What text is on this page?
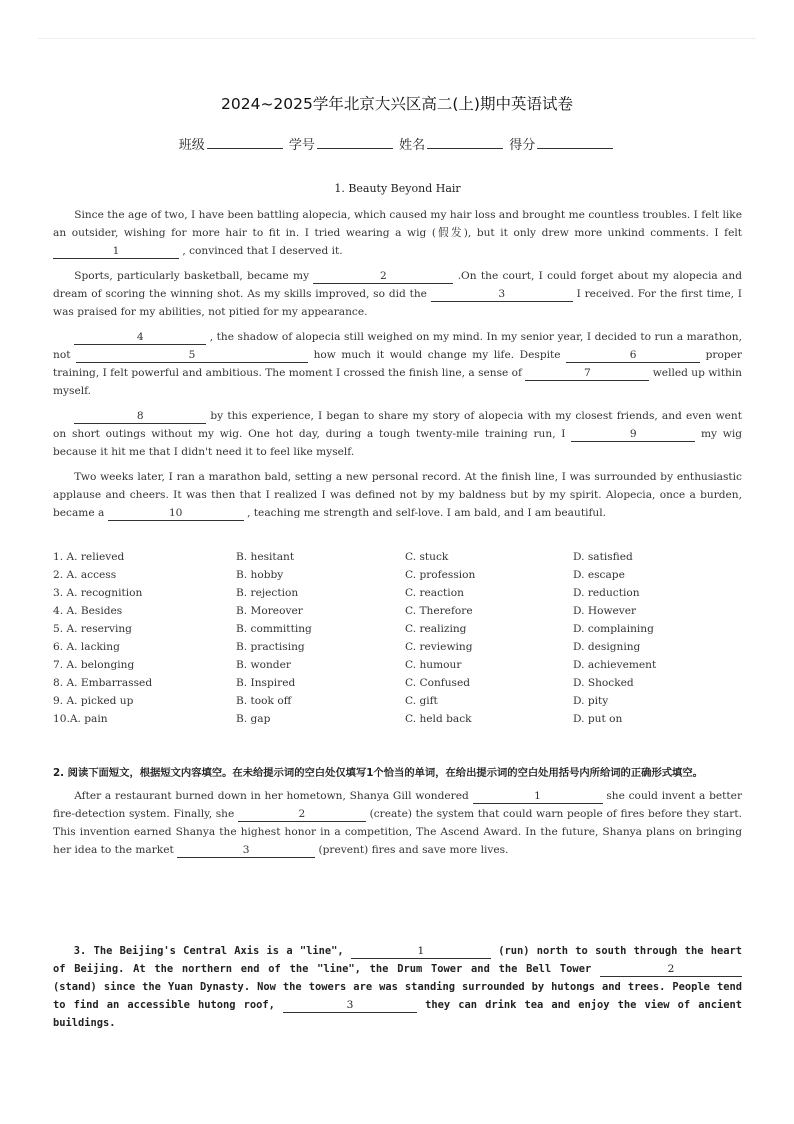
2024~2025学年北京大兴区高二(上)期中英语试卷
班级	学号	姓名	得分
1. Beauty Beyond Hair

Since the age of two, I have been battling alopecia, which caused my hair loss and brought me countless troubles. I felt like an outsider, wishing for more hair to fit in. I tried wearing a wig (假发), but it only drew more unkind comments. I felt 1	, convinced that I deserved it.

Sports, particularly basketball, became my	2	.On the court, I could forget about my alopecia and dream of scoring the winning shot. As my skills improved, so did the	3	I received. For the first time, I was praised for my abilities, not pitied for my appearance.

4	, the shadow of alopecia still weighed on my mind. In my senior year, I decided to run a marathon, not	5	how much it would change my life. Despite	6	proper training, I felt powerful and ambitious. The moment I crossed the finish line, a sense of	7	welled up within myself.

8	by this experience, I began to share my story of alopecia with my closest friends, and even went on short outings without my wig. One hot day, during a tough twenty-mile training run, I	9	my wig because it hit me that I didn't need it to feel like myself.

Two weeks later, I ran a marathon bald, setting a new personal record. At the finish line, I was surrounded by enthusiastic applause and cheers. It was then that I realized I was defined not by my baldness but by my spirit. Alopecia, once a burden, became a	10	, teaching me strength and self-love. I am bald, and I am beautiful.

1. A. relieved	B. hesitant	C. stuck	D. satisfied
2. A. access	B. hobby	C. profession	D. escape
3. A. recognition	B. rejection	C. reaction	D. reduction
4. A. Besides	B. Moreover	C. Therefore	D. However
5. A. reserving	B. committing	C. realizing	D. complaining
6. A. lacking	B. practising	C. reviewing	D. designing
7. A. belonging	B. wonder	C. humour	D. achievement
8. A. Embarrassed	B. Inspired	C. Confused	D. Shocked
9. A. picked up	B. took off	C. gift	D. pity
10.A. pain	B. gap	C. held back	D. put on
2. 阅读下面短文，根据短文内容填空。在未给提示词的空白处仅填写1个恰当的单词，在给出提示词的空白处用括号内所给词的正确形式填空。

After a restaurant burned down in her hometown, Shanya Gill wondered	1	she could invent a better fire-detection system. Finally, she	2	(create) the system that could warn people of fires before they start. This invention earned Shanya the highest honor in a competition, The Ascend Award. In the future, Shanya plans on bringing her idea to the market	3	(prevent) fires and save more lives.

3. The Beijing's Central Axis is a "line",	1	(run) north to south through the heart of Beijing. At the northern end of the "line", the Drum Tower and the Bell Tower	2 (stand) since the Yuan Dynasty. Now the towers are was standing surrounded by hutongs and trees. People tend to find an accessible hutong roof,	3	they can drink tea and enjoy the view of ancient buildings.
